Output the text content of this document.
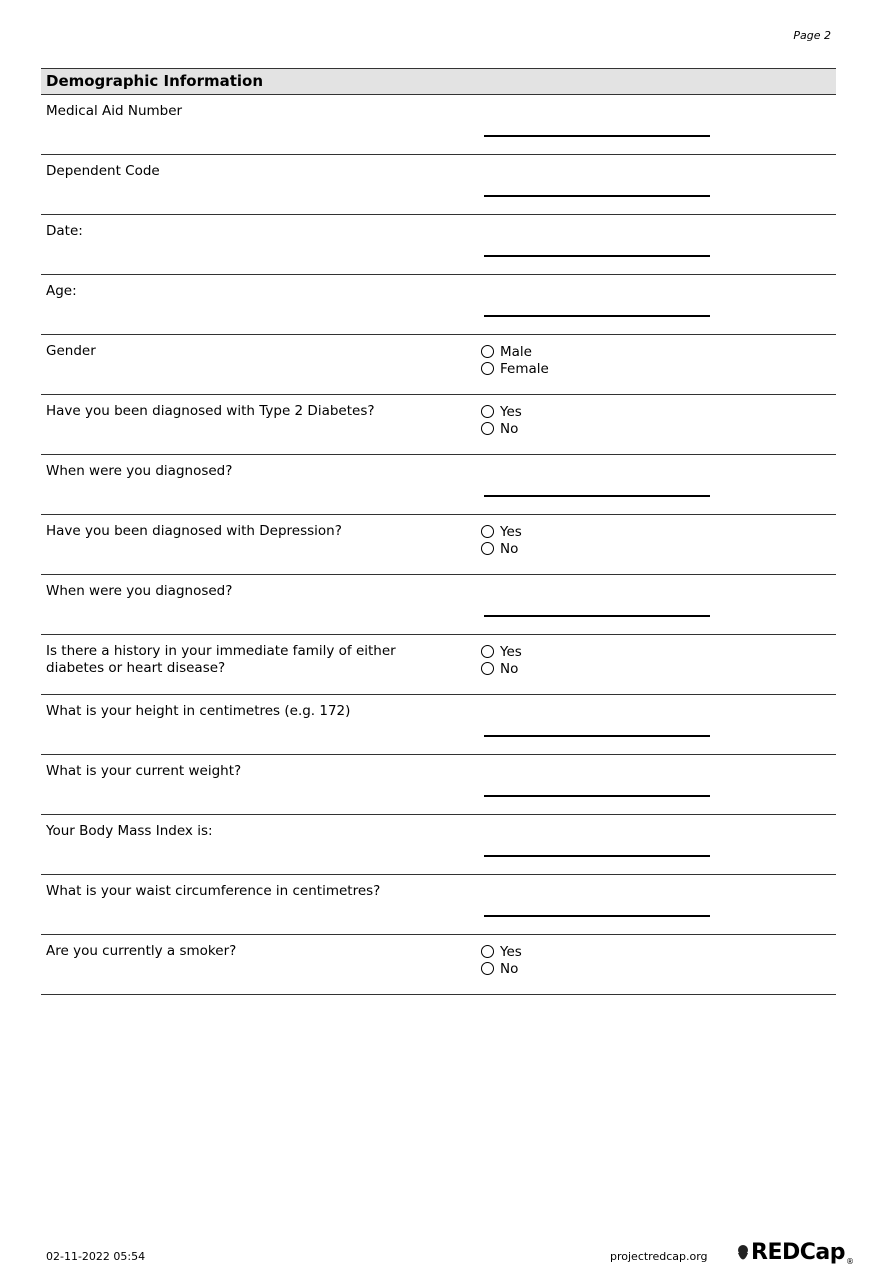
Page 2
Demographic Information
Medical Aid Number
Dependent Code
Date:
Age:
Gender	Male
Female
Have you been diagnosed with Type 2 Diabetes?	Yes
No
When were you diagnosed?
Have you been diagnosed with Depression?	Yes
No
When were you diagnosed?
Is there a history in your immediate family of either diabetes or heart disease?
Yes
No
What is your height in centimetres (e.g. 172)
What is your current weight?
Your Body Mass Index is:
What is your waist circumference in centimetres?
Are you currently a smoker?	Yes
No
02-11-2022 05:54	projectredcap.org REDCap ®
